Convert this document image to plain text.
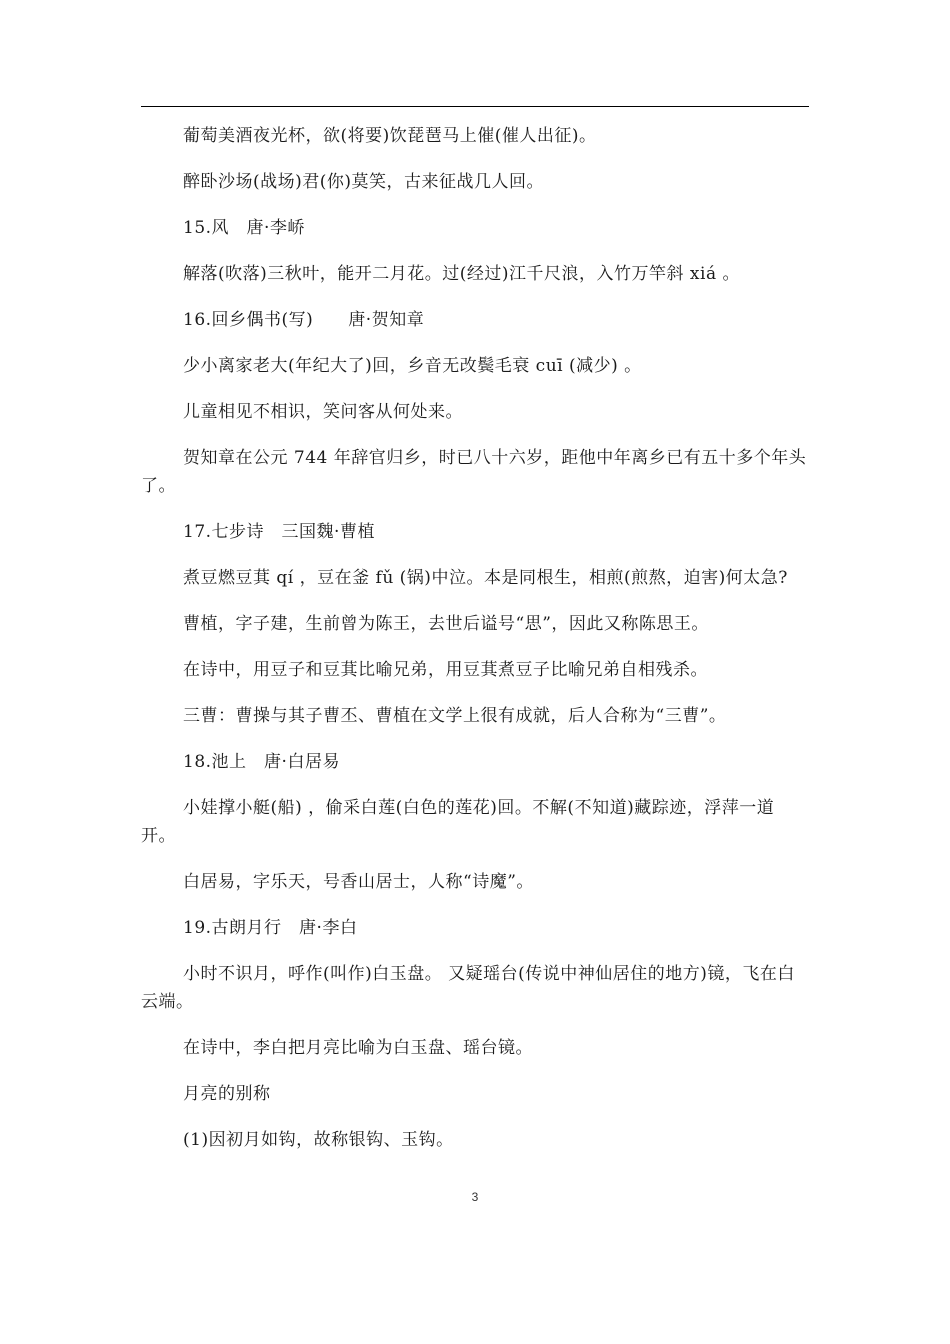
葡萄美酒夜光杯，欲(将要)饮琵琶马上催(催人出征)。

醉卧沙场(战场)君(你)莫笑，古来征战几人回。

15.风　唐·李峤

解落(吹落)三秋叶，能开二月花。过(经过)江千尺浪，入竹万竿斜 xiá 。

16.回乡偶书(写)　　唐·贺知章

少小离家老大(年纪大了)回，乡音无改鬓毛衰 cuī (减少) 。

儿童相见不相识，笑问客从何处来。

贺知章在公元 744 年辞官归乡，时已八十六岁，距他中年离乡已有五十多个年头了。

17.七步诗　三国魏·曹植

煮豆燃豆萁 qí ，豆在釜 fǔ (锅)中泣。本是同根生，相煎(煎熬，迫害)何太急?

曹植，字子建，生前曾为陈王，去世后谥号“思”，因此又称陈思王。

在诗中，用豆子和豆萁比喻兄弟，用豆萁煮豆子比喻兄弟自相残杀。

三曹：曹操与其子曹丕、曹植在文学上很有成就，后人合称为“三曹”。

18.池上　唐·白居易

小娃撑小艇(船) ，偷采白莲(白色的莲花)回。不解(不知道)藏踪迹，浮萍一道开。

白居易，字乐天，号香山居士，人称“诗魔”。

19.古朗月行　唐·李白

小时不识月，呼作(叫作)白玉盘。 又疑瑶台(传说中神仙居住的地方)镜，飞在白云端。

在诗中，李白把月亮比喻为白玉盘、瑶台镜。

月亮的别称

(1)因初月如钩，故称银钩、玉钩。

3
